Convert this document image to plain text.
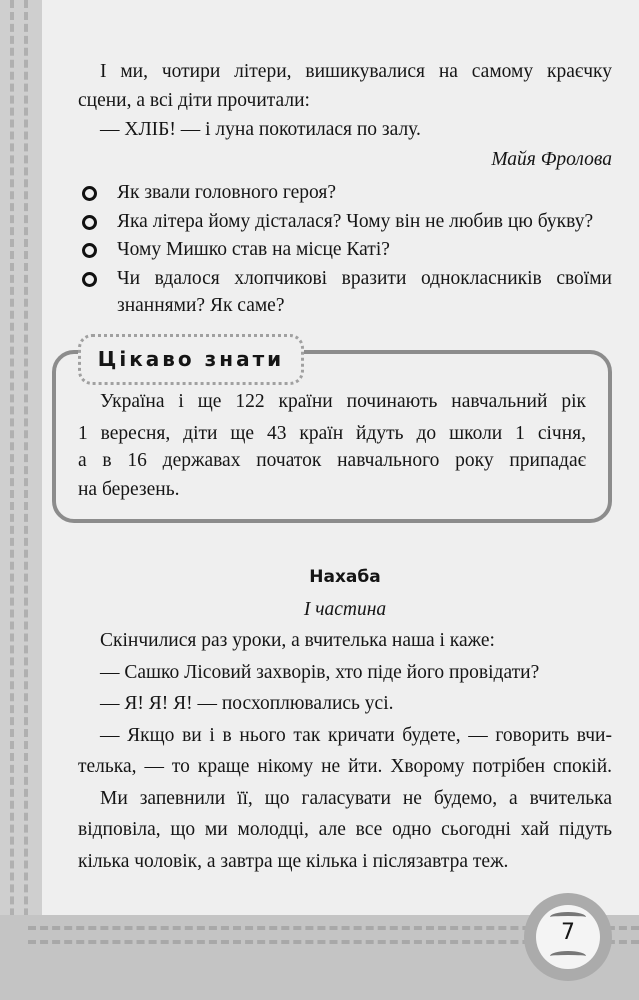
І ми, чотири літери, вишикувалися на самому краєчку
сцени, а всі діти прочитали:
— ХЛІБ! — і луна покотилася по залу.
Майя Фролова
Як звали головного героя?
Яка літера йому дісталася? Чому він не любив цю букву?
Чому Мишко став на місце Каті?
Чи вдалося хлопчикові вразити однокласників своїми
знаннями? Як саме?
Цікаво знати
Україна і ще 122 країни починають навчальний рік
1 вересня, діти ще 43 країн йдуть до школи 1 січня,
а в 16 державах початок навчального року припадає
на березень.
Нахаба
І частина
Скінчилися раз уроки, а вчителька наша і каже:
— Сашко Лісовий захворів, хто піде його провідати?
— Я! Я! Я! — посхоплювались усі.
— Якщо ви і в нього так кричати будете, — говорить вчи-
телька, — то краще нікому не йти. Хворому потрібен спокій.
Ми запевнили її, що галасувати не будемо, а вчителька
відповіла, що ми молодці, але все одно сьогодні хай підуть
кілька чоловік, а завтра ще кілька і післязавтра теж.
7
